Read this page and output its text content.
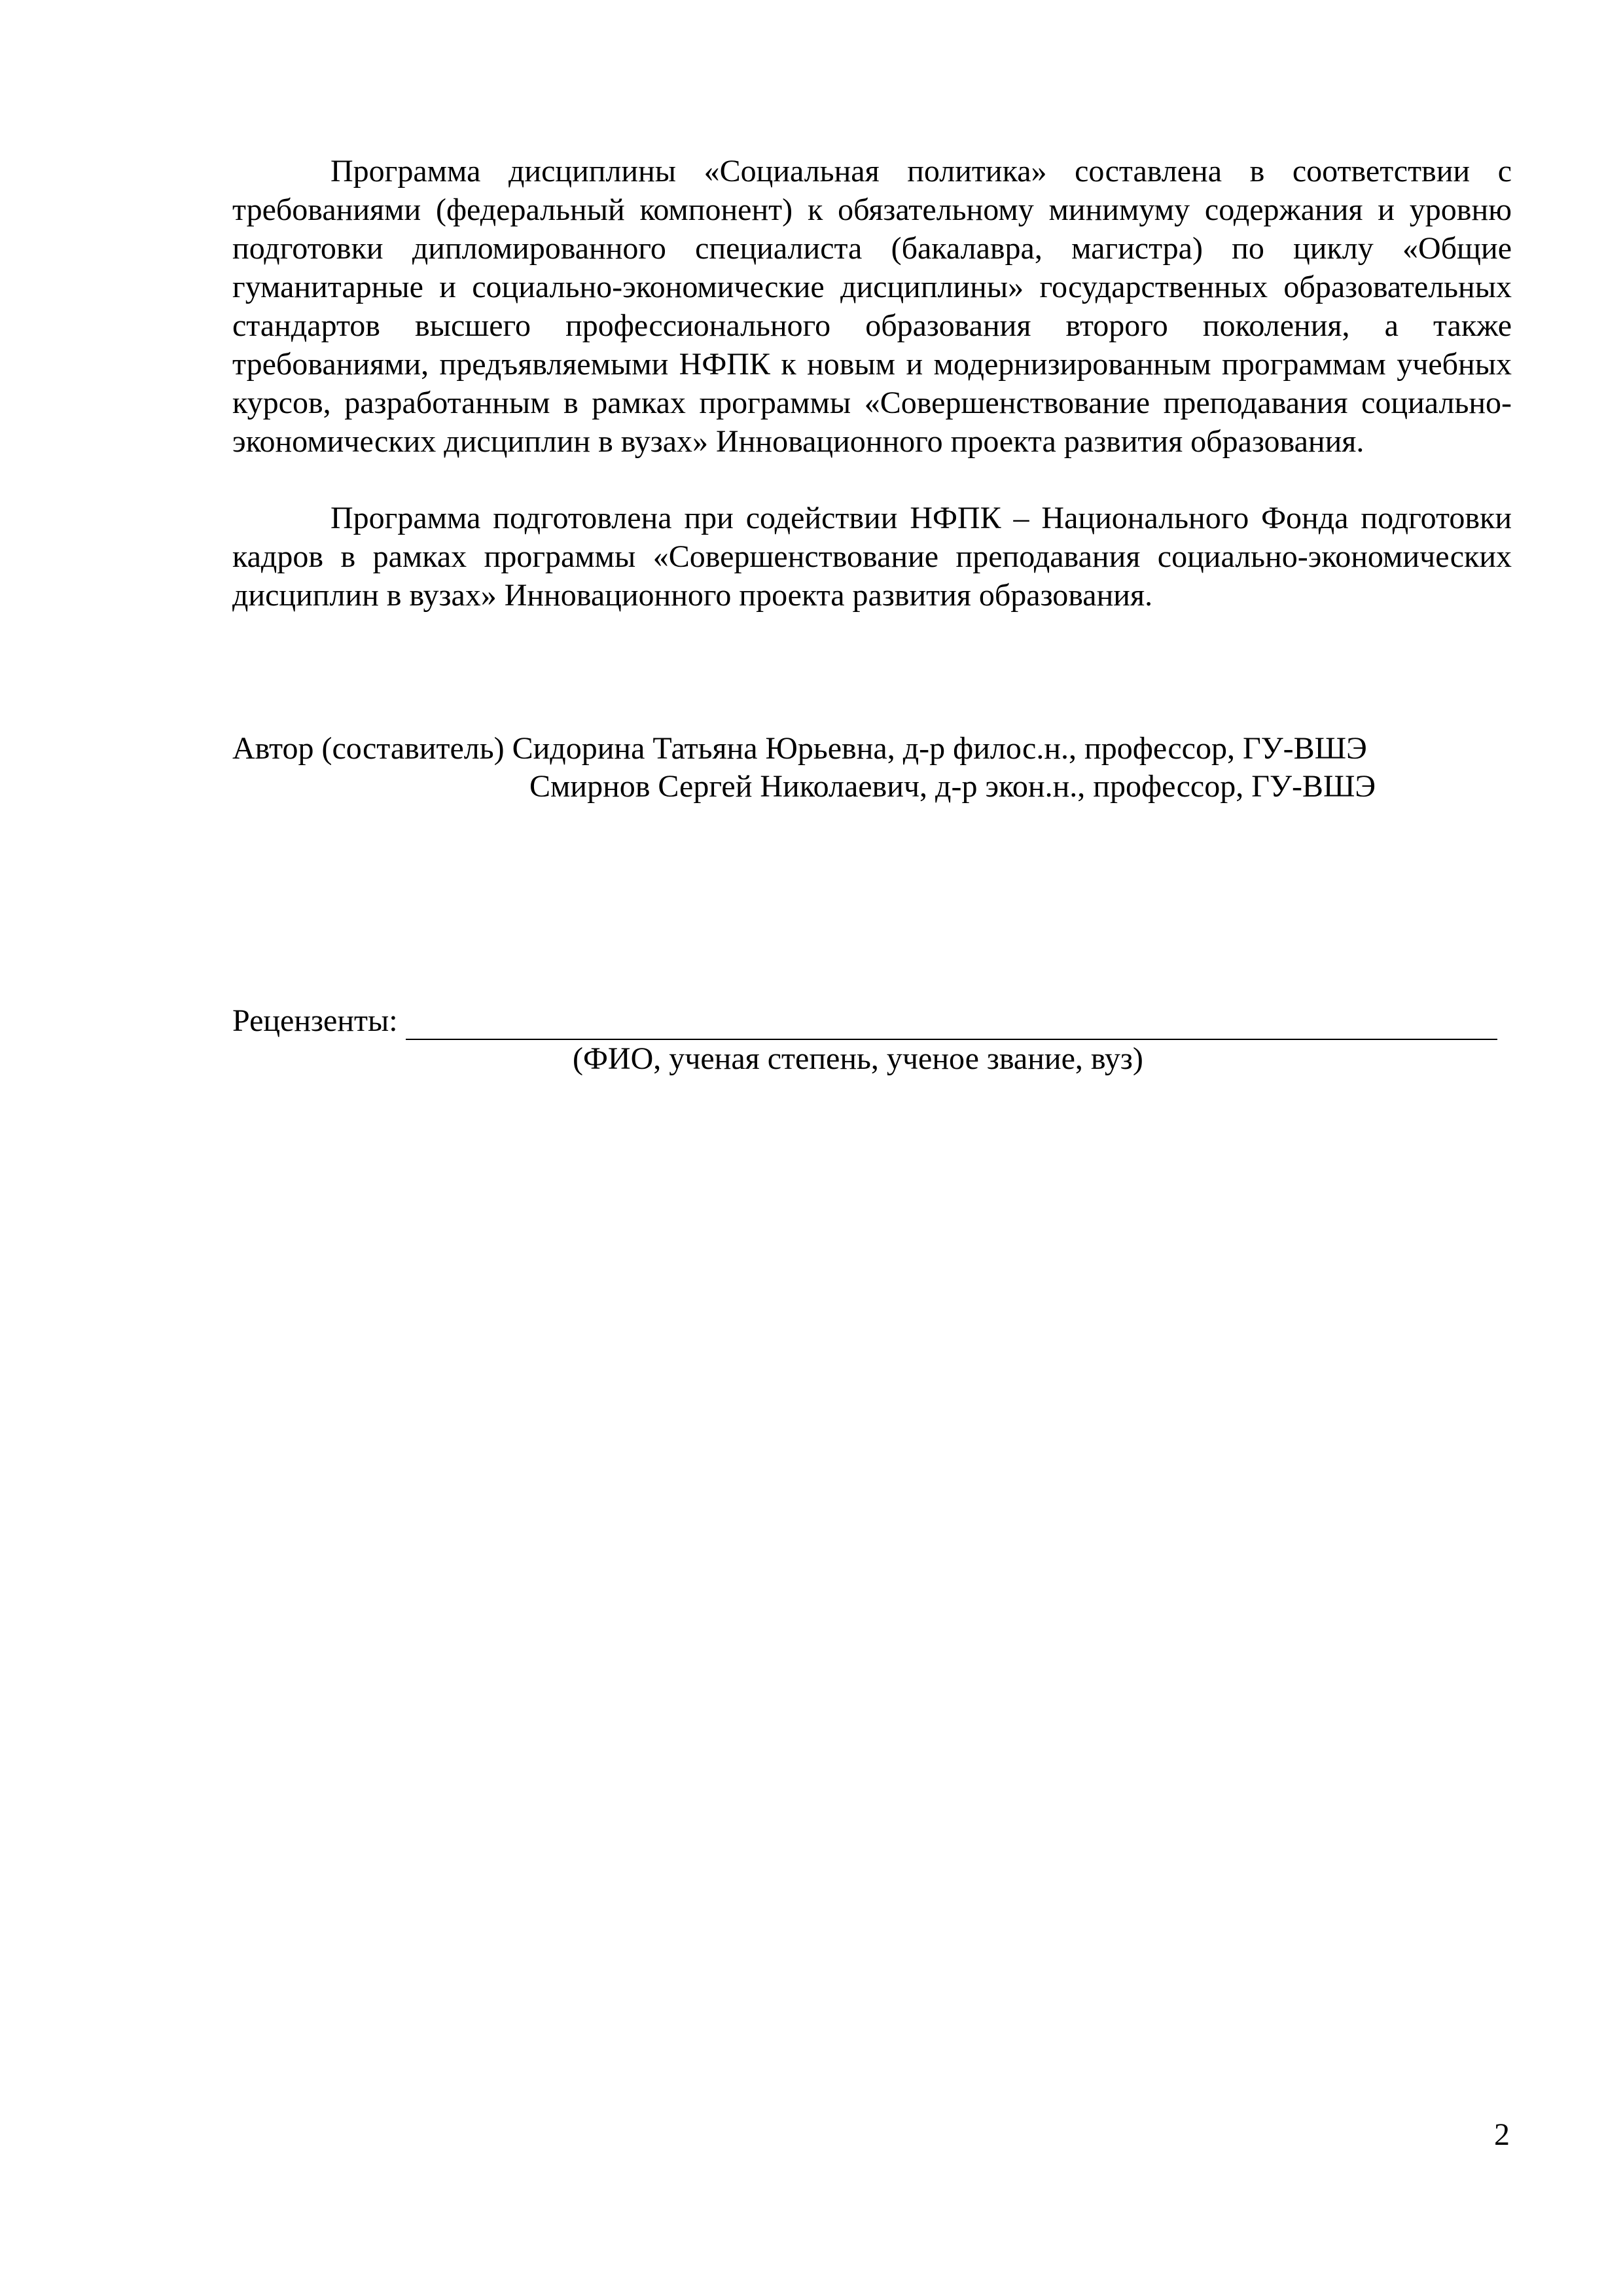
Программа дисциплины «Социальная политика» составлена в соответствии с требованиями (федеральный компонент) к обязательному минимуму содержания и уровню подготовки дипломированного специалиста (бакалавра, магистра) по циклу «Общие гуманитарные и социально-экономические дисциплины» государственных образовательных стандартов высшего профессионального образования второго поколения, а также требованиями, предъявляемыми НФПК к новым и модернизированным программам учебных курсов, разработанным в рамках программы «Совершенствование преподавания социально-экономических дисциплин в вузах» Инновационного проекта развития образования.

Программа подготовлена при содействии НФПК – Национального Фонда подготовки кадров в рамках программы «Совершенствование преподавания социально-экономических дисциплин в вузах» Инновационного проекта развития образования.

Автор (составитель) Сидорина Татьяна Юрьевна, д-р филос.н., профессор, ГУ-ВШЭ
Смирнов Сергей Николаевич, д-р экон.н., профессор, ГУ-ВШЭ
Рецензенты:
(ФИО, ученая степень, ученое звание, вуз)
2
